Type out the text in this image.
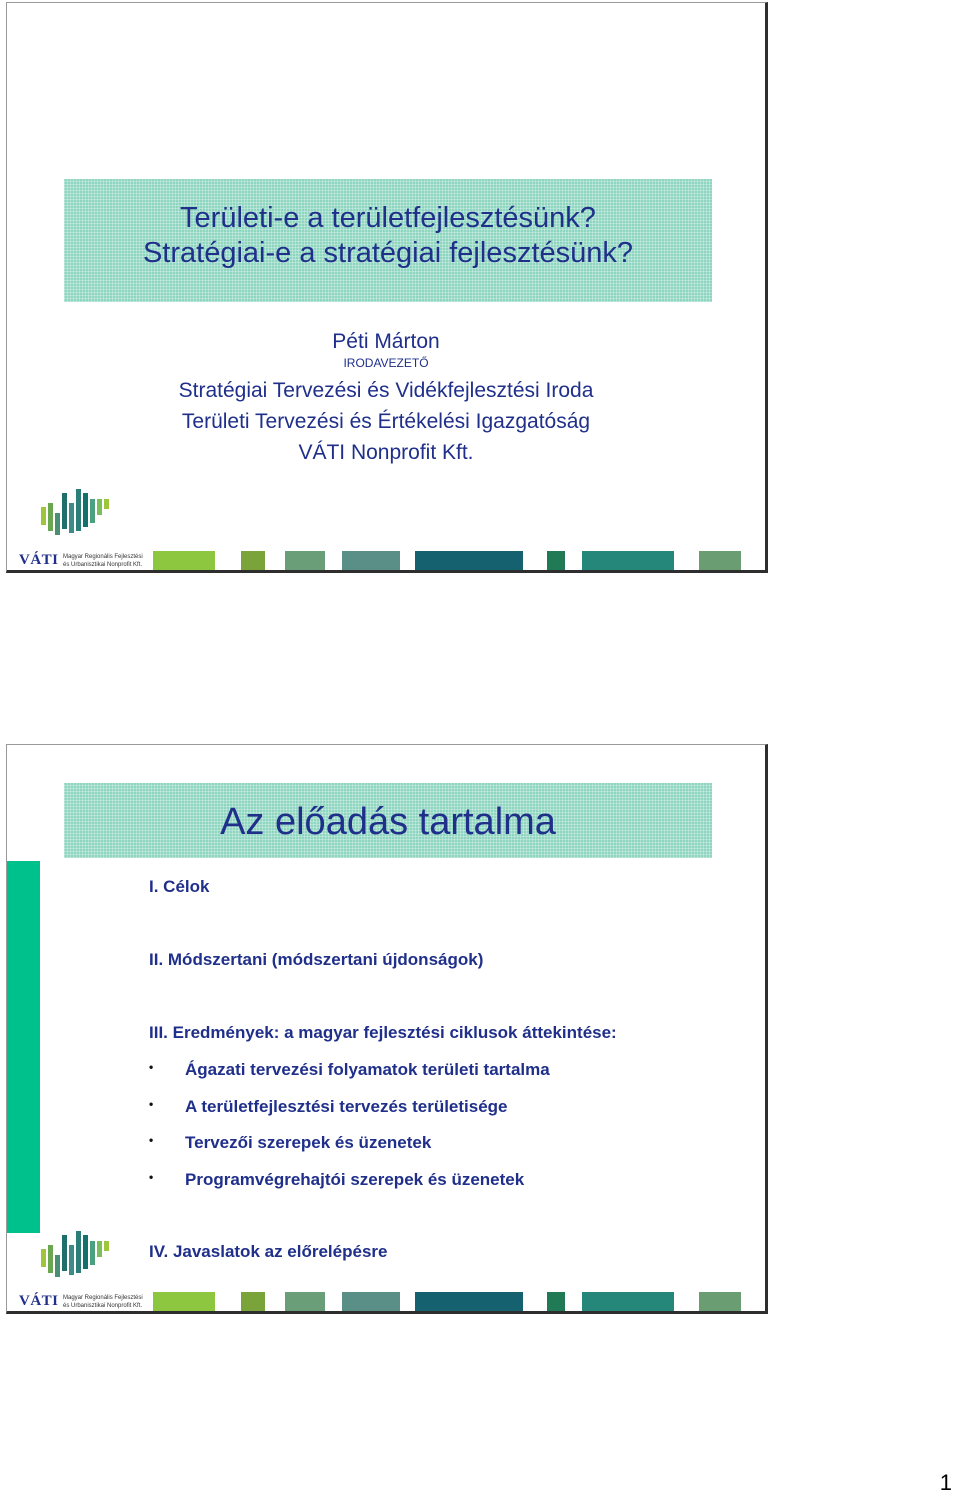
Területi-e a területfejlesztésünk?
Stratégiai-e a stratégiai fejlesztésünk?
Péti Márton
IRODAVEZETŐ
Stratégiai Tervezési és Vidékfejlesztési Iroda
Területi Tervezési és Értékelési Igazgatóság
VÁTI Nonprofit Kft.
VÁTI Magyar Regionális Fejlesztési
és Urbanisztikai Nonprofit Kft.
Az előadás tartalma
I. Célok
II. Módszertani (módszertani újdonságok)
III. Eredmények: a magyar fejlesztési ciklusok áttekintése:
• Ágazati tervezési folyamatok területi tartalma
• A területfejlesztési tervezés területisége
• Tervezői szerepek és üzenetek
• Programvégrehajtói szerepek és üzenetek
IV. Javaslatok az előrelépésre
VÁTI Magyar Regionális Fejlesztési
és Urbanisztikai Nonprofit Kft.
1
